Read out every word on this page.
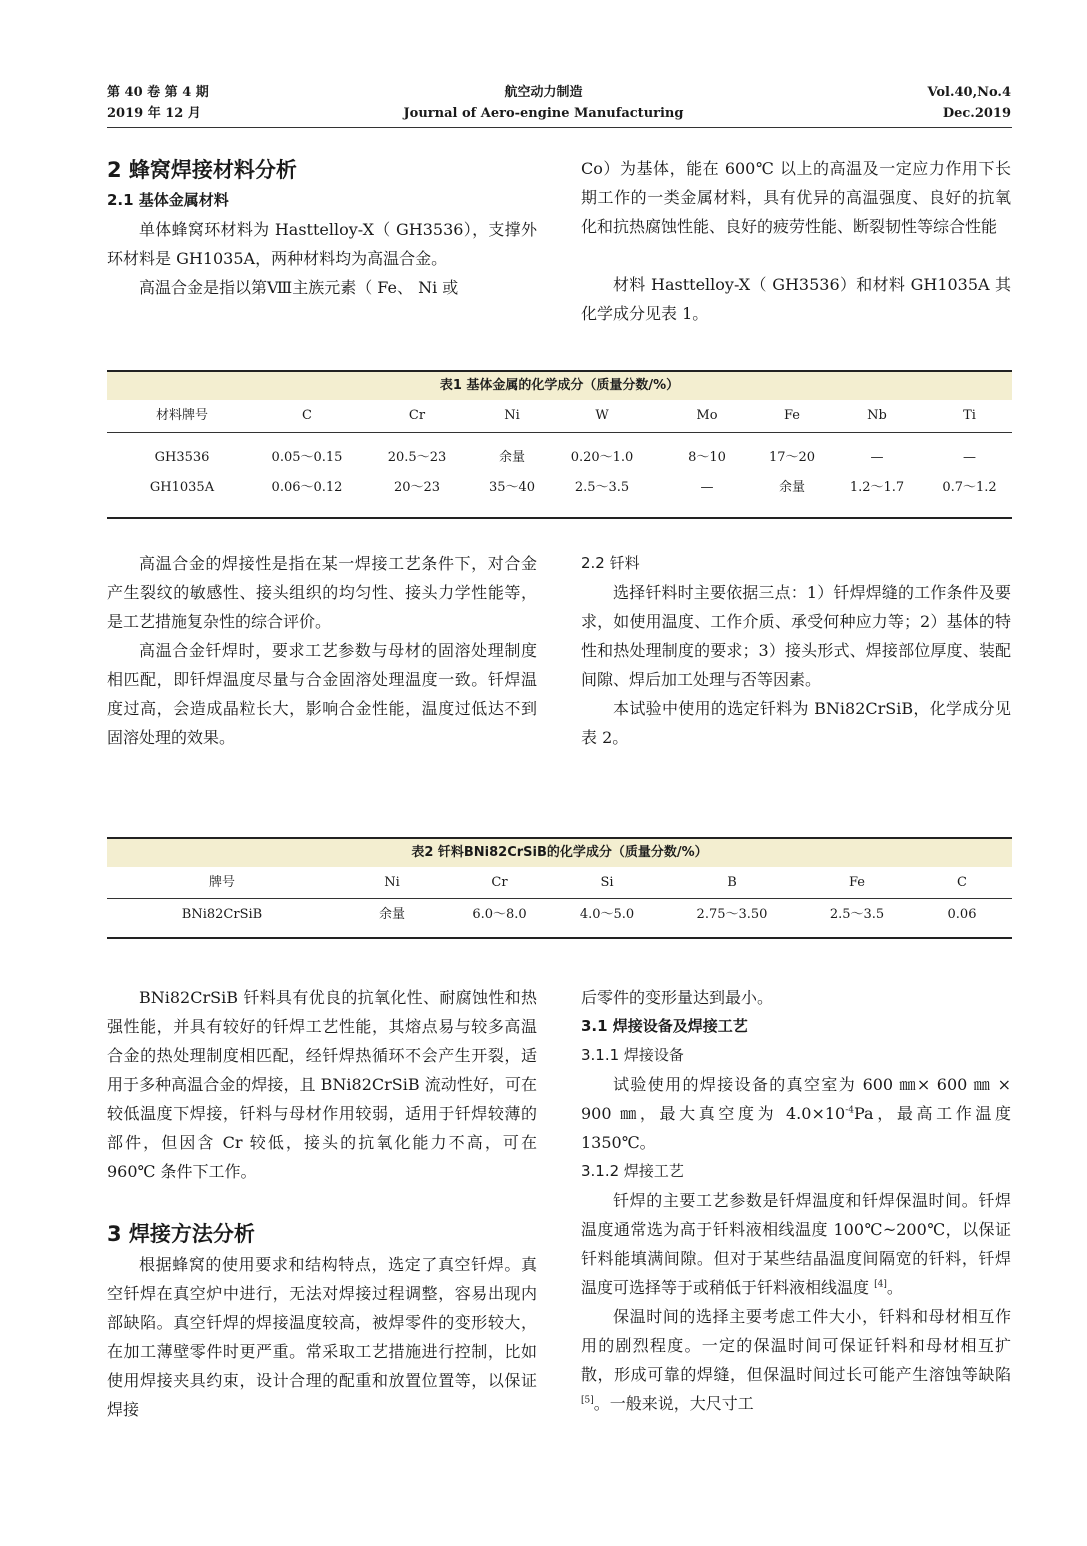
第 40 卷 第 4 期
2019 年 12 月
航空动力制造
Journal of Aero-engine Manufacturing
Vol.40,No.4
Dec.2019
2 蜂窝焊接材料分析
2.1 基体金属材料

单体蜂窝环材料为 Hasttelloy-X（ GH3536），支撑外环材料是 GH1035A，两种材料均为高温合金。

高温合金是指以第Ⅷ主族元素（ Fe、 Ni 或

Co）为基体，能在 600℃ 以上的高温及一定应力作用下长期工作的一类金属材料，具有优异的高温强度、良好的抗氧化和抗热腐蚀性能、良好的疲劳性能、断裂韧性等综合性能

材料 Hasttelloy-X（ GH3536）和材料 GH1035A 其化学成分见表 1。

表1 基体金属的化学成分（质量分数/%）
材料牌号	C	Cr	Ni	W	Mo	Fe	Nb	Ti
GH3536	0.05～0.15	20.5～23	余量	0.20～1.0	8～10	17～20	—	—
GH1035A	0.06～0.12	20～23	35～40	2.5～3.5	—	余量	1.2～1.7	0.7～1.2

高温合金的焊接性是指在某一焊接工艺条件下，对合金产生裂纹的敏感性、接头组织的均匀性、接头力学性能等，是工艺措施复杂性的综合评价。

高温合金钎焊时，要求工艺参数与母材的固溶处理制度相匹配，即钎焊温度尽量与合金固溶处理温度一致。钎焊温度过高，会造成晶粒长大，影响合金性能，温度过低达不到固溶处理的效果。

2.2 钎料

选择钎料时主要依据三点：1）钎焊焊缝的工作条件及要求，如使用温度、工作介质、承受何种应力等；2）基体的特性和热处理制度的要求；3）接头形式、焊接部位厚度、装配间隙、焊后加工处理与否等因素。

本试验中使用的选定钎料为 BNi82CrSiB，化学成分见表 2。

表2 钎料BNi82CrSiB的化学成分（质量分数/%）
牌号	Ni	Cr	Si	B	Fe	C
BNi82CrSiB	余量	6.0～8.0	4.0～5.0	2.75～3.50	2.5～3.5	0.06

BNi82CrSiB 钎料具有优良的抗氧化性、耐腐蚀性和热强性能，并具有较好的钎焊工艺性能，其熔点易与较多高温合金的热处理制度相匹配，经钎焊热循环不会产生开裂，适用于多种高温合金的焊接，且 BNi82CrSiB 流动性好，可在较低温度下焊接，钎料与母材作用较弱，适用于钎焊较薄的部件，但因含 Cr 较低，接头的抗氧化能力不高，可在 960℃ 条件下工作。

3 焊接方法分析

根据蜂窝的使用要求和结构特点，选定了真空钎焊。真空钎焊在真空炉中进行，无法对焊接过程调整，容易出现内部缺陷。真空钎焊的焊接温度较高，被焊零件的变形较大，在加工薄壁零件时更严重。常采取工艺措施进行控制，比如使用焊接夹具约束，设计合理的配重和放置位置等，以保证焊接

后零件的变形量达到最小。

3.1 焊接设备及焊接工艺
3.1.1 焊接设备

试验使用的焊接设备的真空室为 600 ㎜× 600 ㎜ × 900 ㎜，最大真空度为 $4.0\times 10^{-4}Pa$，最高工作温度 1350℃。

3.1.2 焊接工艺

钎焊的主要工艺参数是钎焊温度和钎焊保温时间。钎焊温度通常选为高于钎料液相线温度 100℃~200℃，以保证钎料能填满间隙。但对于某些结晶温度间隔宽的钎料，钎焊温度可选择等于或稍低于钎料液相线温度 [4]。

保温时间的选择主要考虑工件大小，钎料和母材相互作用的剧烈程度。一定的保温时间可保证钎料和母材相互扩散，形成可靠的焊缝，但保温时间过长可能产生溶蚀等缺陷 [5]。一般来说，大尺寸工
